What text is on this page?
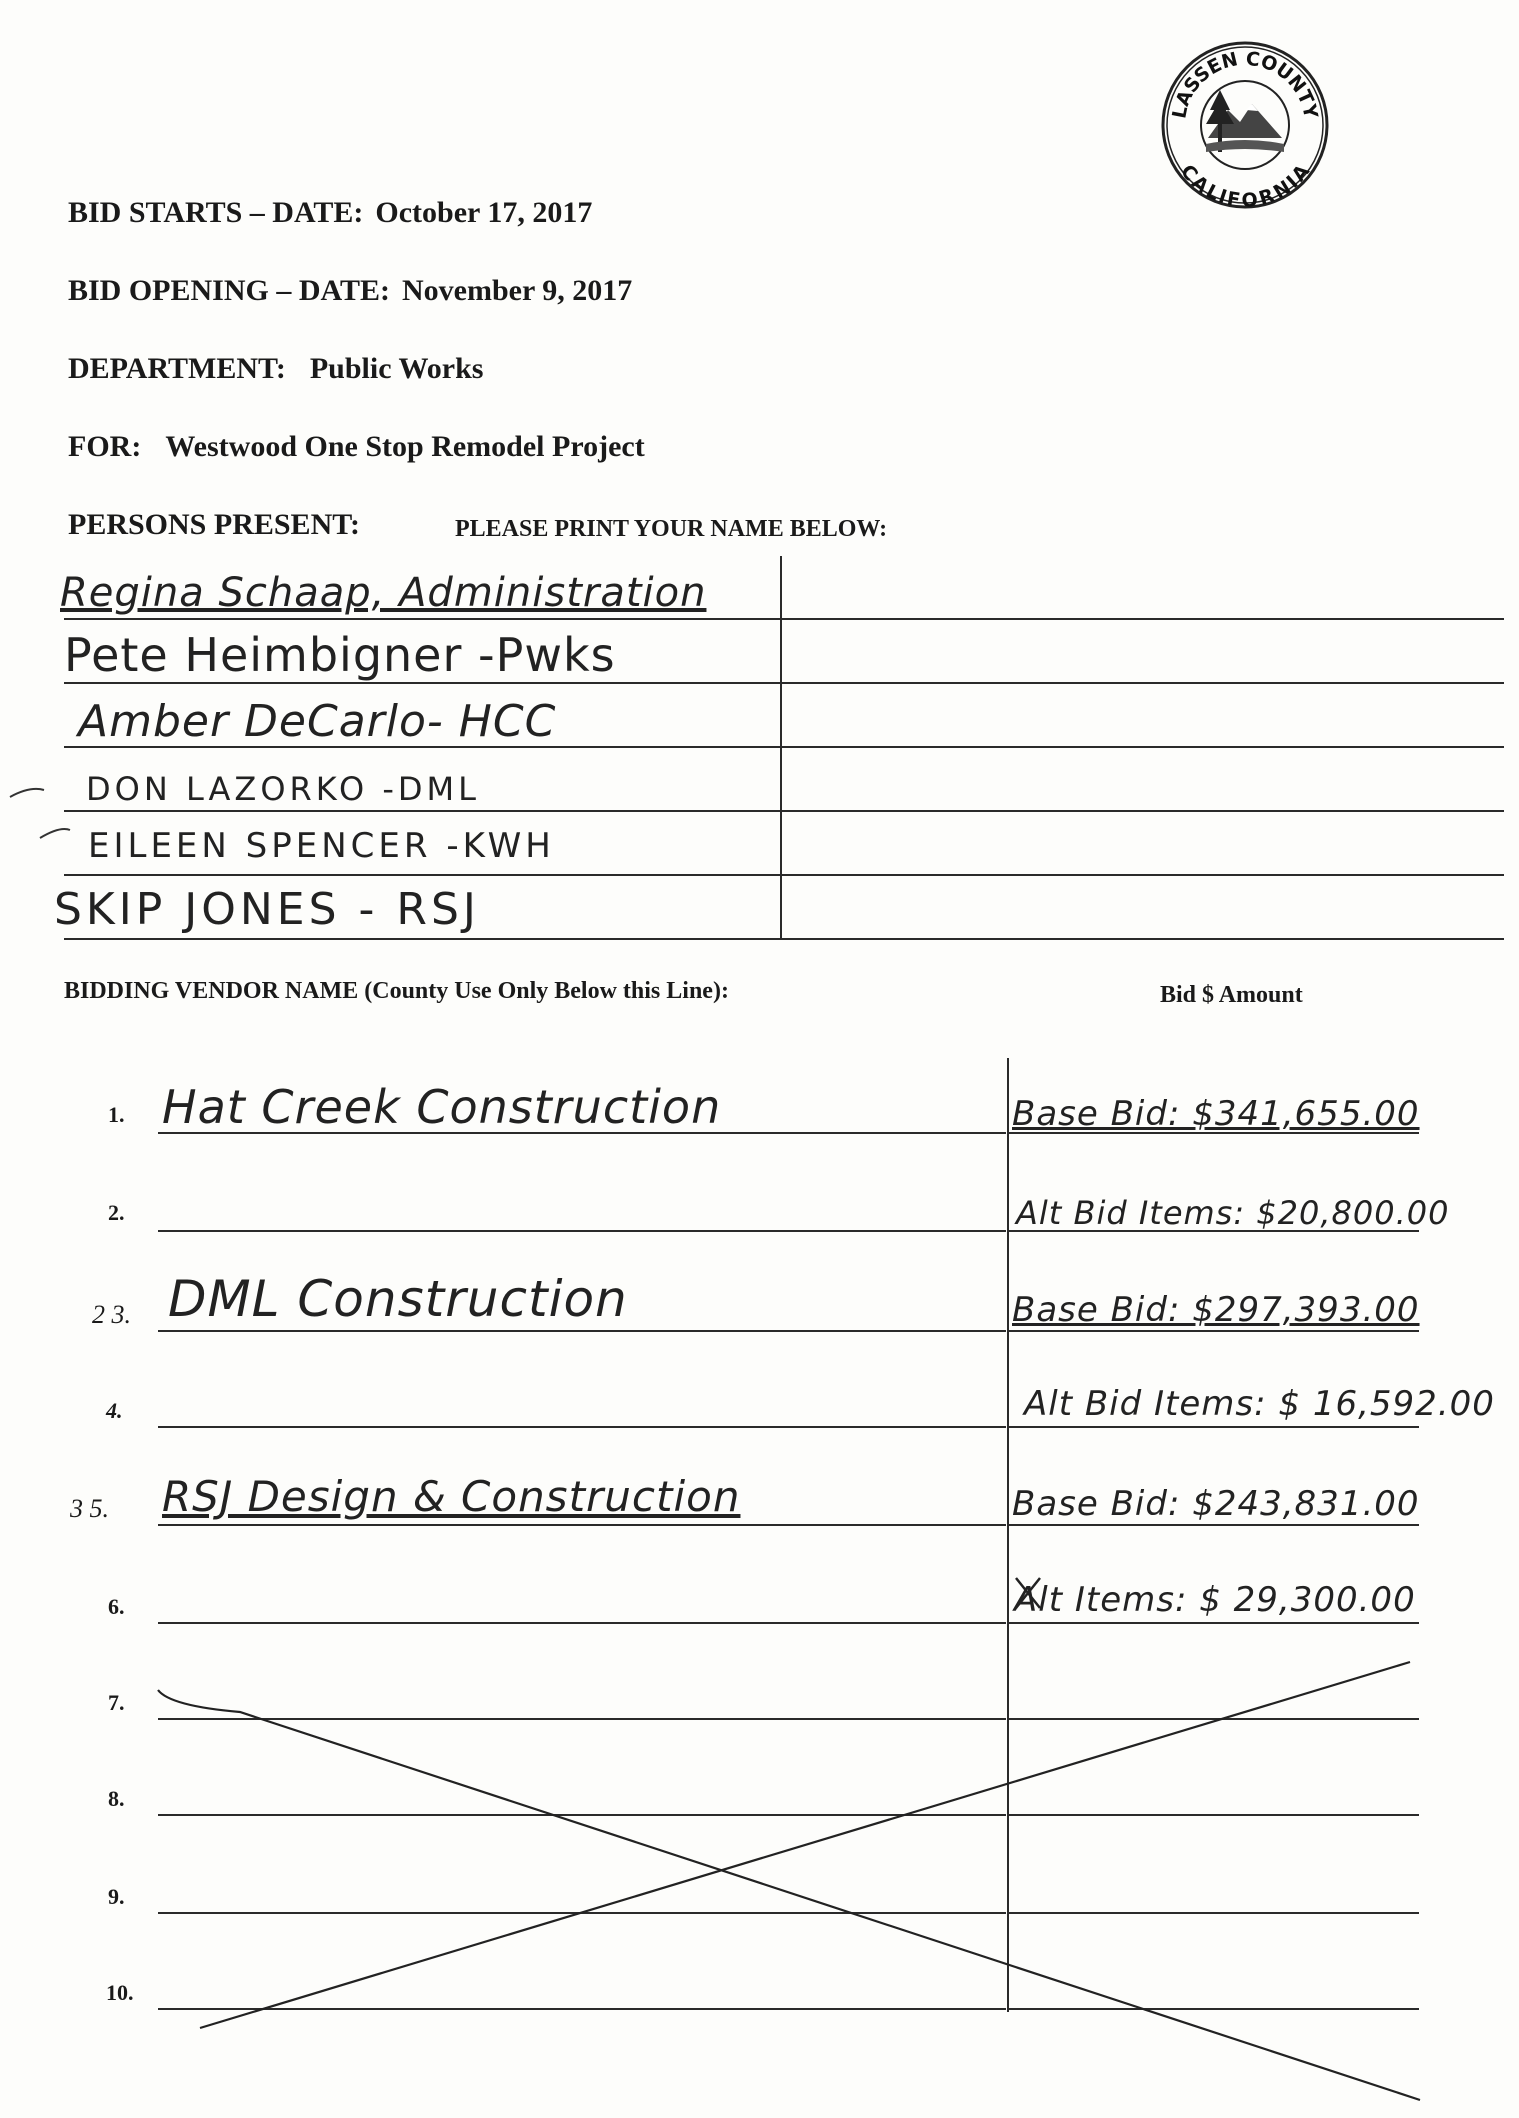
LASSEN COUNTY
CALIFORNIA
BID STARTS – DATE: October 17, 2017
BID OPENING – DATE: November 9, 2017
DEPARTMENT: Public Works
FOR: Westwood One Stop Remodel Project
PERSONS PRESENT:	PLEASE PRINT YOUR NAME BELOW:
Regina Schaap, Administration
Pete Heimbigner -Pwks
Amber DeCarlo- HCC
DON LAZORKO -DML
EILEEN SPENCER -KWH
SKIP JONES - RSJ
BIDDING VENDOR NAME (County Use Only Below this Line):	Bid $ Amount
1. Hat Creek Construction	Base Bid: $341,655.00
2.	Alt Bid Items: $20,800.00
2 3. DML Construction	Base Bid: $297,393.00
4.	Alt Bid Items: $ 16,592.00
3 5. RSJ Design & Construction	Base Bid: $243,831.00
6.	Alt Items: $ 29,300.00
7.
8.
9.
10.
